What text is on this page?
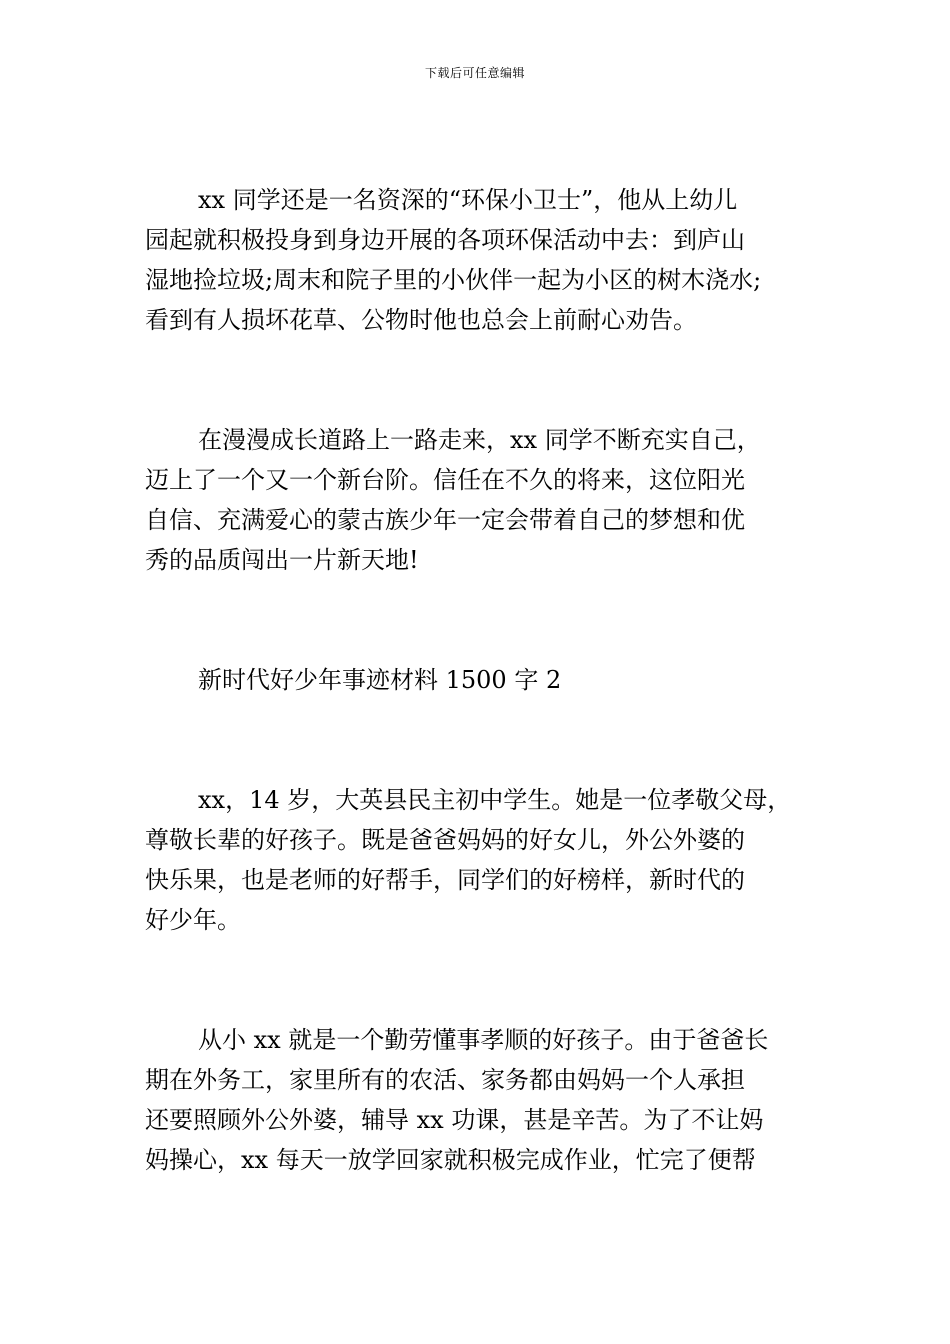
下载后可任意编辑

xx 同学还是一名资深的“环保小卫士”，他从上幼儿
园起就积极投身到身边开展的各项环保活动中去：到庐山
湿地捡垃圾;周末和院子里的小伙伴一起为小区的树木浇水;
看到有人损坏花草、公物时他也总会上前耐心劝告。

在漫漫成长道路上一路走来，xx 同学不断充实自己，
迈上了一个又一个新台阶。信任在不久的将来，这位阳光
自信、充满爱心的蒙古族少年一定会带着自己的梦想和优
秀的品质闯出一片新天地!

新时代好少年事迹材料 1500 字 2

xx，14 岁，大英县民主初中学生。她是一位孝敬父母，
尊敬长辈的好孩子。既是爸爸妈妈的好女儿，外公外婆的
快乐果，也是老师的好帮手，同学们的好榜样，新时代的
好少年。

从小 xx 就是一个勤劳懂事孝顺的好孩子。由于爸爸长
期在外务工，家里所有的农活、家务都由妈妈一个人承担
还要照顾外公外婆，辅导 xx 功课，甚是辛苦。为了不让妈
妈操心，xx 每天一放学回家就积极完成作业，忙完了便帮
